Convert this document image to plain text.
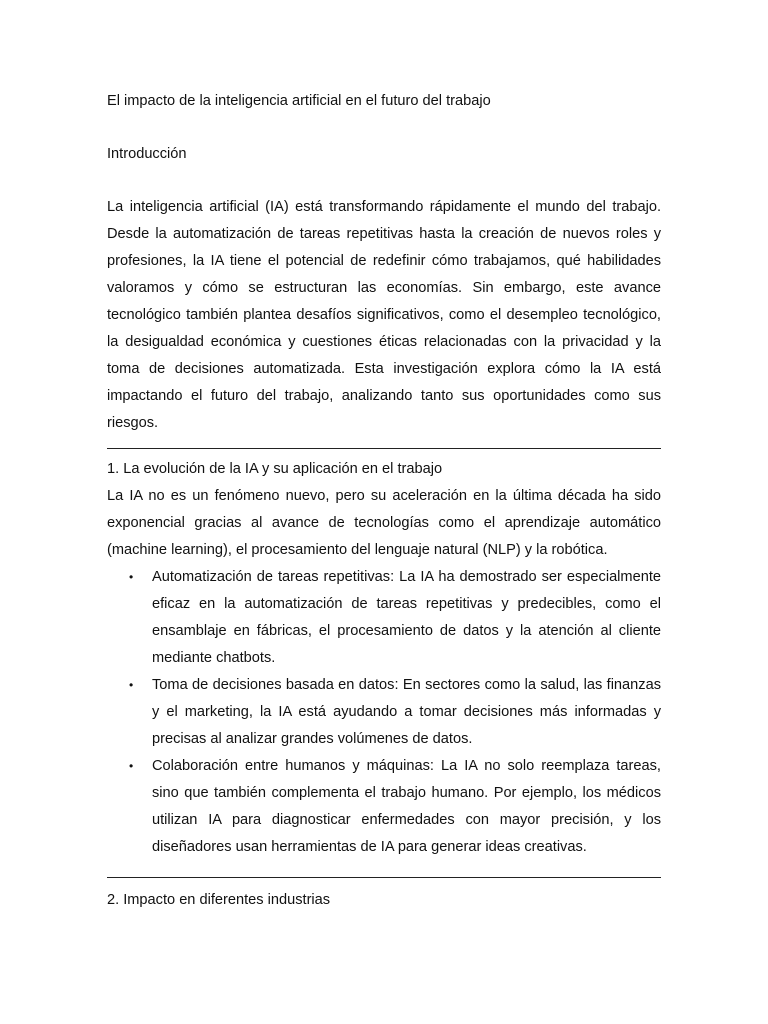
El impacto de la inteligencia artificial en el futuro del trabajo
Introducción
La inteligencia artificial (IA) está transformando rápidamente el mundo del trabajo. Desde la automatización de tareas repetitivas hasta la creación de nuevos roles y profesiones, la IA tiene el potencial de redefinir cómo trabajamos, qué habilidades valoramos y cómo se estructuran las economías. Sin embargo, este avance tecnológico también plantea desafíos significativos, como el desempleo tecnológico, la desigualdad económica y cuestiones éticas relacionadas con la privacidad y la toma de decisiones automatizada. Esta investigación explora cómo la IA está impactando el futuro del trabajo, analizando tanto sus oportunidades como sus riesgos.
1. La evolución de la IA y su aplicación en el trabajo
La IA no es un fenómeno nuevo, pero su aceleración en la última década ha sido exponencial gracias al avance de tecnologías como el aprendizaje automático (machine learning), el procesamiento del lenguaje natural (NLP) y la robótica.
• Automatización de tareas repetitivas: La IA ha demostrado ser especialmente eficaz en la automatización de tareas repetitivas y predecibles, como el ensamblaje en fábricas, el procesamiento de datos y la atención al cliente mediante chatbots.
• Toma de decisiones basada en datos: En sectores como la salud, las finanzas y el marketing, la IA está ayudando a tomar decisiones más informadas y precisas al analizar grandes volúmenes de datos.
• Colaboración entre humanos y máquinas: La IA no solo reemplaza tareas, sino que también complementa el trabajo humano. Por ejemplo, los médicos utilizan IA para diagnosticar enfermedades con mayor precisión, y los diseñadores usan herramientas de IA para generar ideas creativas.
2. Impacto en diferentes industrias
